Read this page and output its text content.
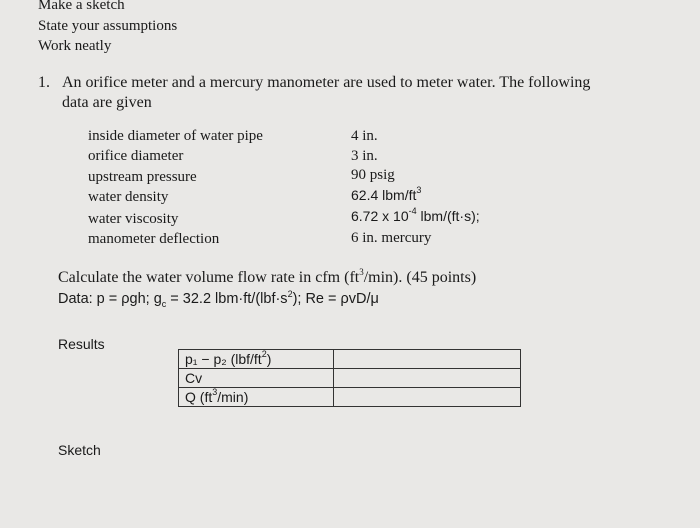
Make a sketch
State your assumptions
Work neatly
1. An orifice meter and a mercury manometer are used to meter water. The following
data are given
inside diameter of water pipe	4 in.
orifice diameter	3 in.
upstream pressure	90 psig
water density	62.4 lbm/$ft^3$
water viscosity	6.72 x $10^{-4}$ lbm/(ft·s);
manometer deflection	6 in. mercury
Calculate the water volume flow rate in cfm $(ft^3/\min)$. (45 points)
Data: p = ρgh; $g_c = 32.2$ $lbm\cdot ft/(lbf\cdot s^2)$; Re = ρvD/μ
Results
p₁ − p₂ $(lbf/ft^2)$	
Cv	
Q $(ft^3/\min)$	
Sketch
